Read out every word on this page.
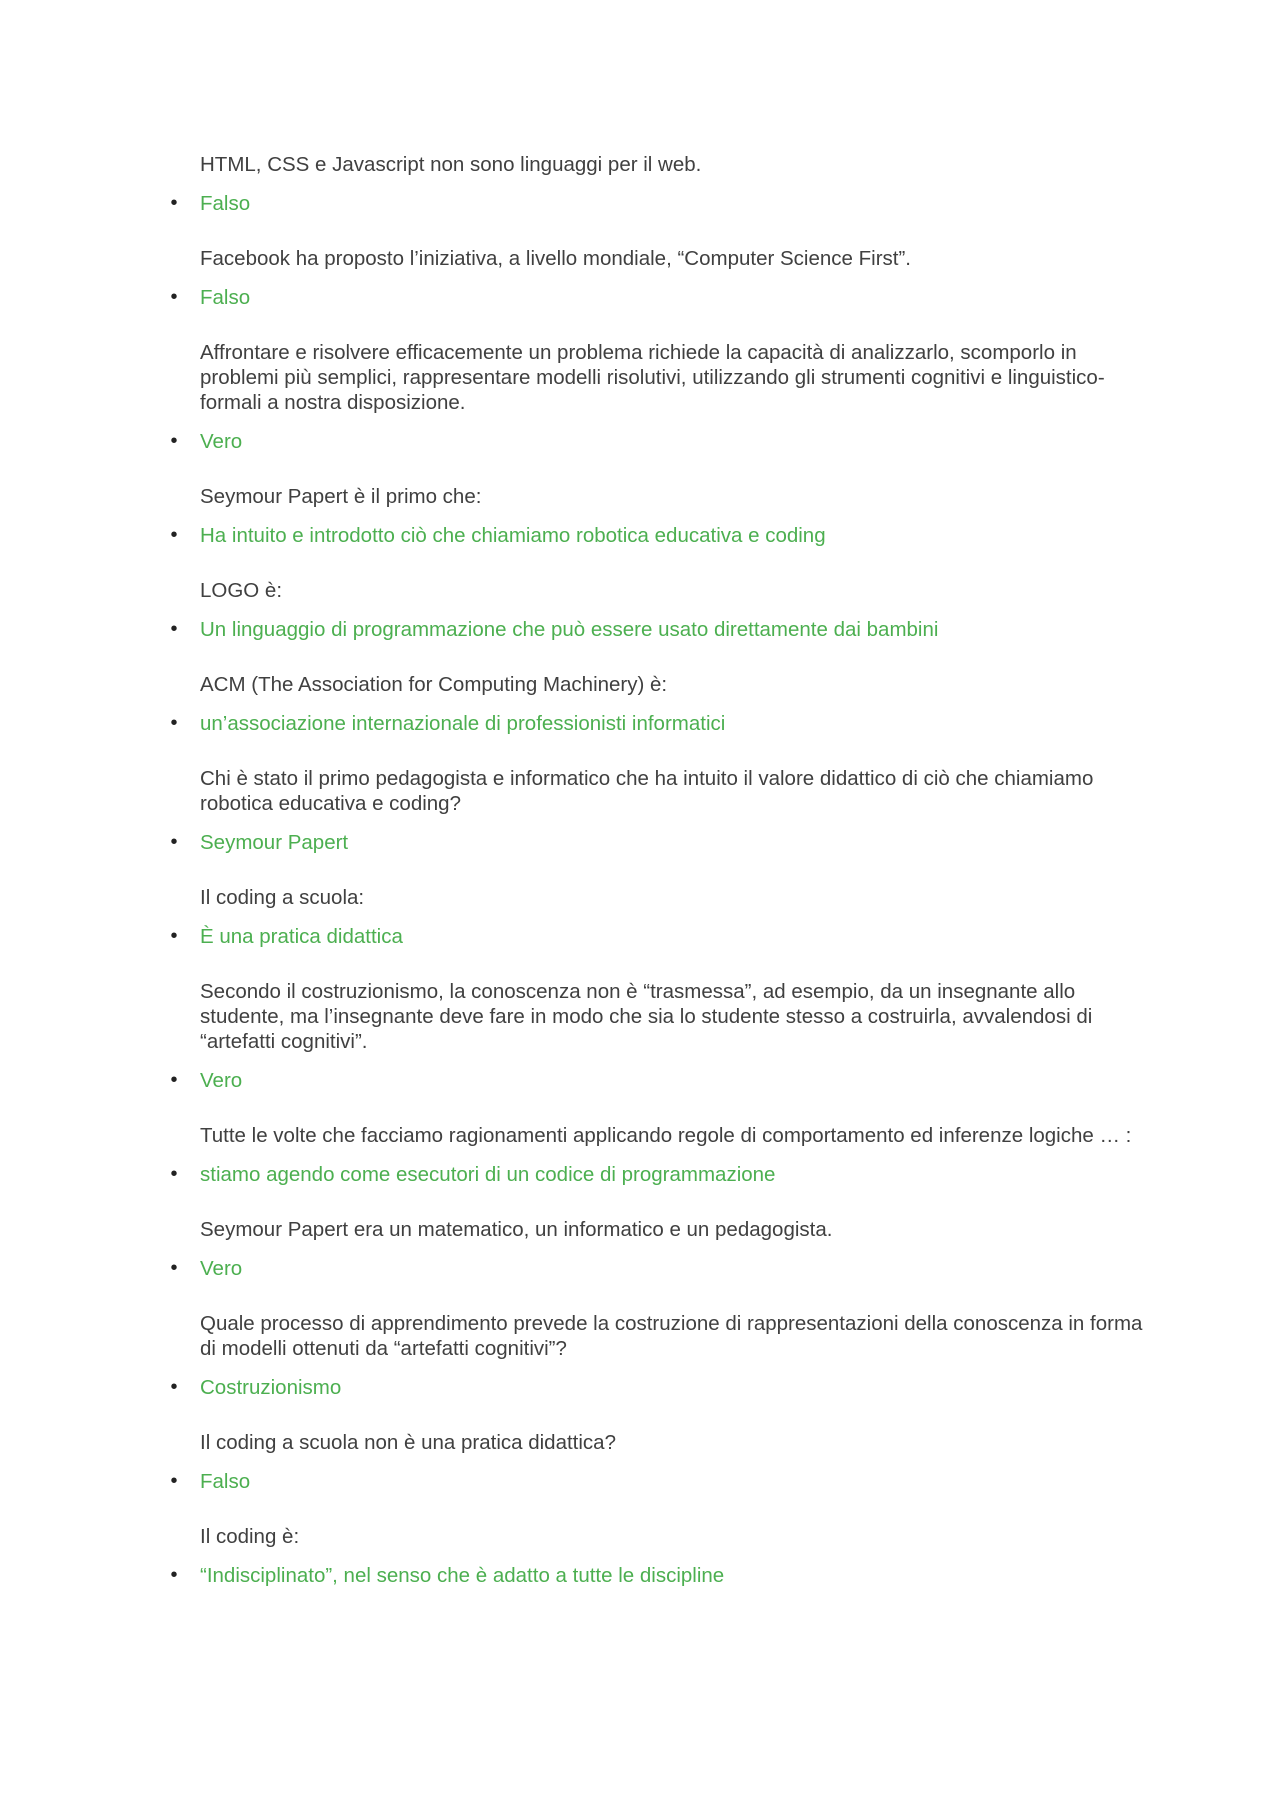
HTML, CSS e Javascript non sono linguaggi per il web.

•	Falso

Facebook ha proposto l’iniziativa, a livello mondiale, “Computer Science First”.

•	Falso

Affrontare e risolvere efficacemente un problema richiede la capacità di analizzarlo, scomporlo in problemi più semplici, rappresentare modelli risolutivi, utilizzando gli strumenti cognitivi e linguistico-formali a nostra disposizione.

•	Vero

Seymour Papert è il primo che:

•	Ha intuito e introdotto ciò che chiamiamo robotica educativa e coding

LOGO è:

•	Un linguaggio di programmazione che può essere usato direttamente dai bambini

ACM (The Association for Computing Machinery) è:

•	un’associazione internazionale di professionisti informatici

Chi è stato il primo pedagogista e informatico che ha intuito il valore didattico di ciò che chiamiamo robotica educativa e coding?

•	Seymour Papert

Il coding a scuola:

•	È una pratica didattica

Secondo il costruzionismo, la conoscenza non è “trasmessa”, ad esempio, da un insegnante allo studente, ma l’insegnante deve fare in modo che sia lo studente stesso a costruirla, avvalendosi di “artefatti cognitivi”.

•	Vero

Tutte le volte che facciamo ragionamenti applicando regole di comportamento ed inferenze logiche … :

•	stiamo agendo come esecutori di un codice di programmazione

Seymour Papert era un matematico, un informatico e un pedagogista.

•	Vero

Quale processo di apprendimento prevede la costruzione di rappresentazioni della conoscenza in forma di modelli ottenuti da “artefatti cognitivi”?

•	Costruzionismo

Il coding a scuola non è una pratica didattica?

•	Falso

Il coding è:

•	“Indisciplinato”, nel senso che è adatto a tutte le discipline
